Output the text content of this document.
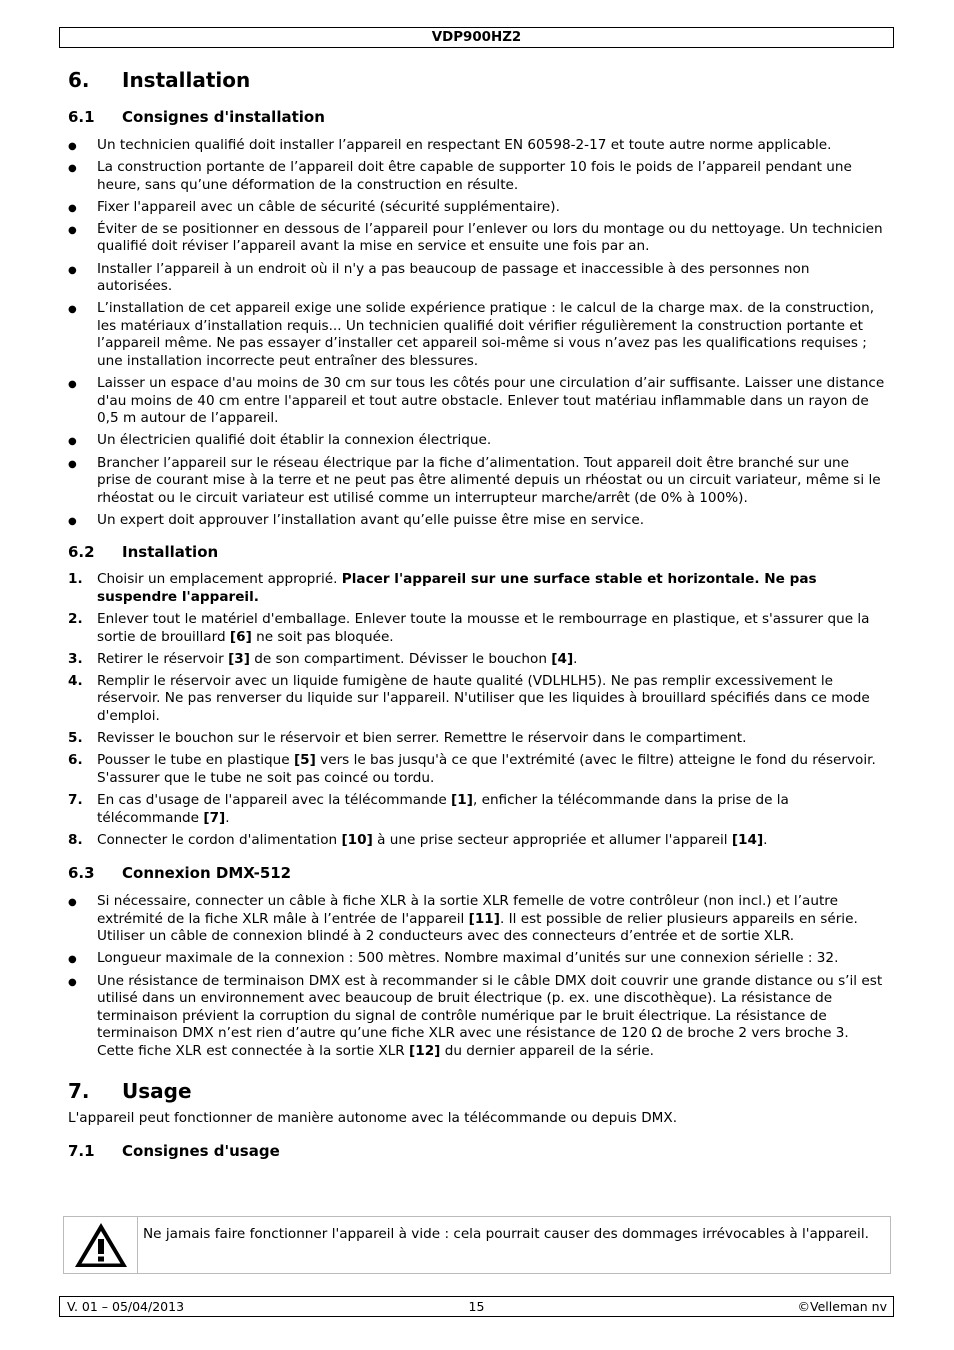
VDP900HZ2
6.	Installation
6.1	Consignes d'installation
● Un technicien qualifié doit installer l’appareil en respectant EN 60598-2-17 et toute autre norme applicable.
● La construction portante de l’appareil doit être capable de supporter 10 fois le poids de l’appareil pendant une heure, sans qu’une déformation de la construction en résulte.
● Fixer l'appareil avec un câble de sécurité (sécurité supplémentaire).
● Éviter de se positionner en dessous de l’appareil pour l’enlever ou lors du montage ou du nettoyage. Un technicien qualifié doit réviser l’appareil avant la mise en service et ensuite une fois par an.
● Installer l’appareil à un endroit où il n'y a pas beaucoup de passage et inaccessible à des personnes non autorisées.
● L’installation de cet appareil exige une solide expérience pratique : le calcul de la charge max. de la construction, les matériaux d’installation requis... Un technicien qualifié doit vérifier régulièrement la construction portante et l’appareil même. Ne pas essayer d’installer cet appareil soi-même si vous n’avez pas les qualifications requises ; une installation incorrecte peut entraîner des blessures.
● Laisser un espace d'au moins de 30 cm sur tous les côtés pour une circulation d’air suffisante. Laisser une distance d'au moins de 40 cm entre l'appareil et tout autre obstacle. Enlever tout matériau inflammable dans un rayon de 0,5 m autour de l’appareil.
● Un électricien qualifié doit établir la connexion électrique.
● Brancher l’appareil sur le réseau électrique par la fiche d’alimentation. Tout appareil doit être branché sur une prise de courant mise à la terre et ne peut pas être alimenté depuis un rhéostat ou un circuit variateur, même si le rhéostat ou le circuit variateur est utilisé comme un interrupteur marche/arrêt (de 0% à 100%).
● Un expert doit approuver l’installation avant qu’elle puisse être mise en service.
6.2	Installation
1. Choisir un emplacement approprié. Placer l'appareil sur une surface stable et horizontale. Ne pas suspendre l'appareil.
2. Enlever tout le matériel d'emballage. Enlever toute la mousse et le rembourrage en plastique, et s'assurer que la sortie de brouillard [6] ne soit pas bloquée.
3. Retirer le réservoir [3] de son compartiment. Dévisser le bouchon [4].
4. Remplir le réservoir avec un liquide fumigène de haute qualité (VDLHLH5). Ne pas remplir excessivement le réservoir. Ne pas renverser du liquide sur l'appareil. N'utiliser que les liquides à brouillard spécifiés dans ce mode d'emploi.
5. Revisser le bouchon sur le réservoir et bien serrer. Remettre le réservoir dans le compartiment.
6. Pousser le tube en plastique [5] vers le bas jusqu'à ce que l'extrémité (avec le filtre) atteigne le fond du réservoir. S'assurer que le tube ne soit pas coincé ou tordu.
7. En cas d'usage de l'appareil avec la télécommande [1], enficher la télécommande dans la prise de la télécommande [7].
8. Connecter le cordon d'alimentation [10] à une prise secteur appropriée et allumer l'appareil [14].
6.3	Connexion DMX-512
● Si nécessaire, connecter un câble à fiche XLR à la sortie XLR femelle de votre contrôleur (non incl.) et l’autre extrémité de la fiche XLR mâle à l’entrée de l'appareil [11]. Il est possible de relier plusieurs appareils en série. Utiliser un câble de connexion blindé à 2 conducteurs avec des connecteurs d’entrée et de sortie XLR.
● Longueur maximale de la connexion : 500 mètres. Nombre maximal d’unités sur une connexion sérielle : 32.
● Une résistance de terminaison DMX est à recommander si le câble DMX doit couvrir une grande distance ou s’il est utilisé dans un environnement avec beaucoup de bruit électrique (p. ex. une discothèque). La résistance de terminaison prévient la corruption du signal de contrôle numérique par le bruit électrique. La résistance de terminaison DMX n’est rien d’autre qu’une fiche XLR avec une résistance de 120 Ω de broche 2 vers broche 3. Cette fiche XLR est connectée à la sortie XLR [12] du dernier appareil de la série.
7.	Usage

L'appareil peut fonctionner de manière autonome avec la télécommande ou depuis DMX.

7.1	Consignes d'usage
Ne jamais faire fonctionner l'appareil à vide : cela pourrait causer des dommages irrévocables à l'appareil.
V. 01 – 05/04/2013	15	©Velleman nv
